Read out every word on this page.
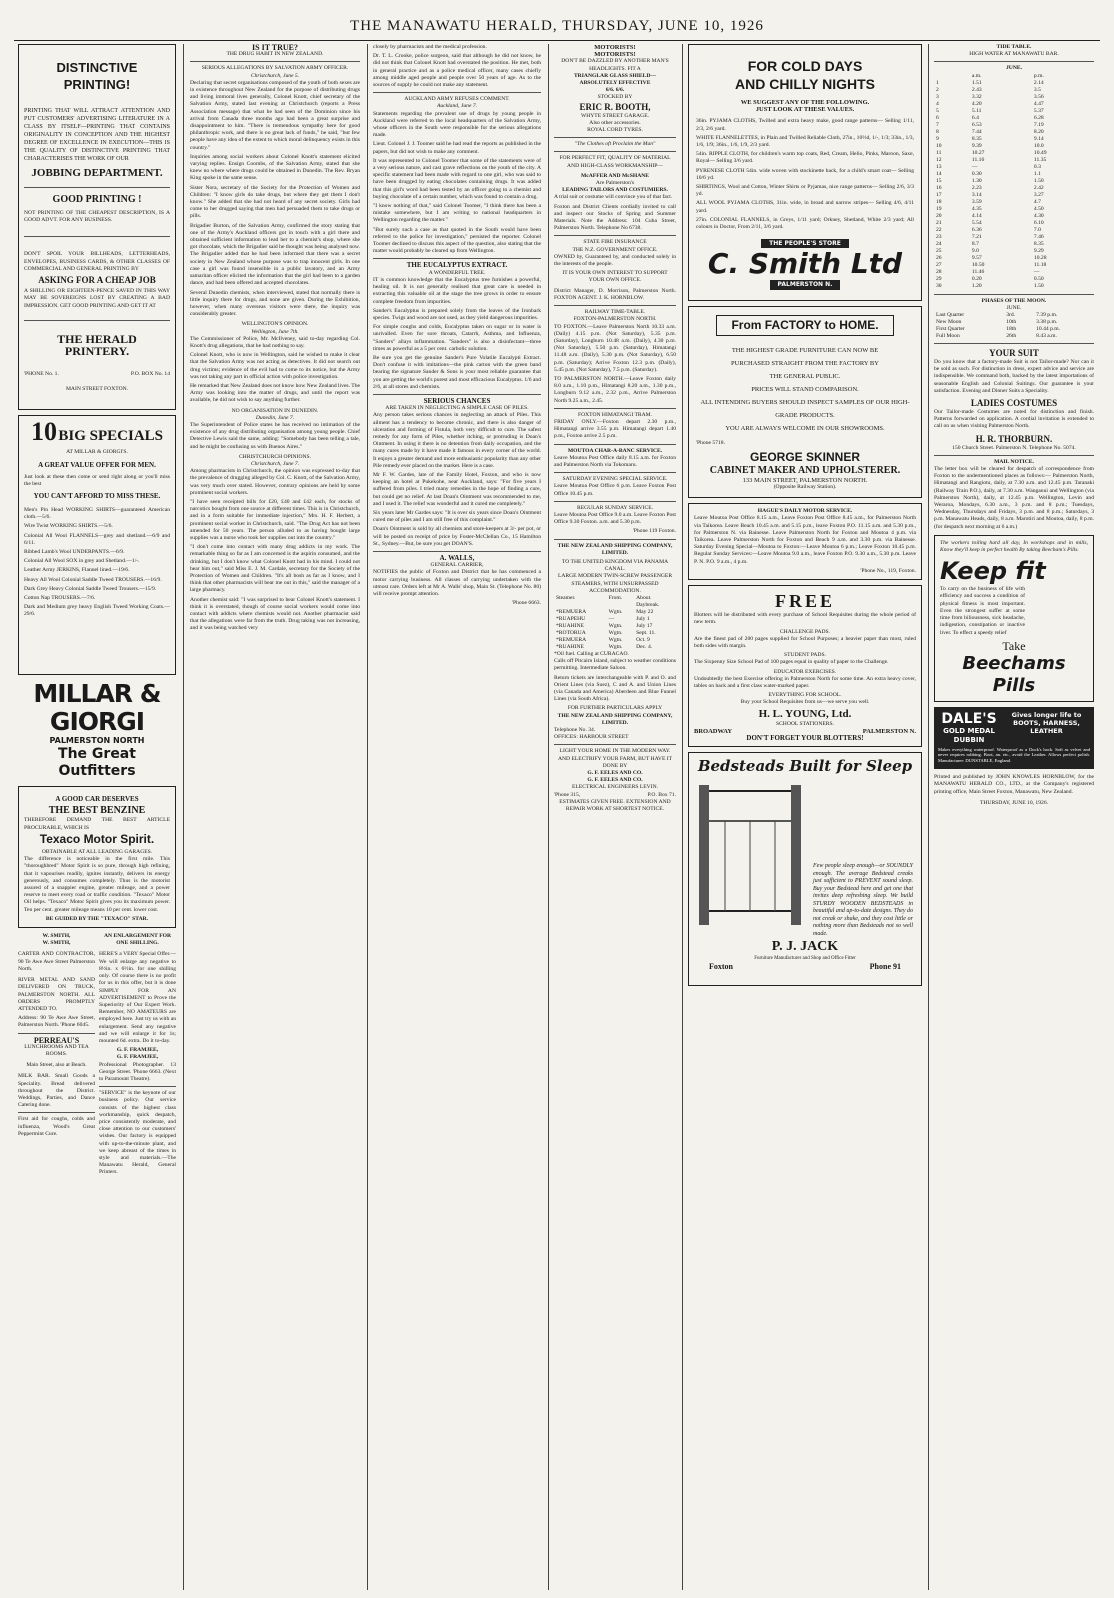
THE MANAWATU HERALD, THURSDAY, JUNE 10, 1926
DISTINCTIVE PRINTING!

PRINTING THAT WILL ATTRACT ATTENTION AND PUT CUSTOMERS' ADVERTISING LITERATURE IN A CLASS BY ITSELF—PRINTING THAT CONTAINS ORIGINALITY IN CONCEPTION AND THE HIGHEST DEGREE OF EXCELLENCE IN EXECUTION—THIS IS THE QUALITY OF DISTINCTIVE PRINTING THAT CHARACTERISES THE WORK OF OUR

JOBBING DEPARTMENT.
GOOD PRINTING !

NOT PRINTING OF THE CHEAPEST DESCRIPTION, IS A GOOD ADVT. FOR ANY BUSINESS.

DON'T SPOIL YOUR BILLHEADS, LETTERHEADS, ENVELOPES, BUSINESS CARDS, & OTHER CLASSES OF COMMERCIAL AND GENERAL PRINTING BY

ASKING FOR A CHEAP JOB

A SHILLING OR EIGHTEEN-PENCE SAVED IN THIS WAY MAY BE SOVEREIGNS LOST BY CREATING A BAD IMPRESSION. GET GOOD PRINTING AND GET IT AT

THE HERALD PRINTERY.
'PHONE No. 1.	P.O. BOX No. 14
MAIN STREET FOXTON.
10 BIG SPECIALS
AT MILLAR & GIORGI'S.
A GREAT VALUE OFFER FOR MEN.

Just look at these then come or send right along or you'll miss the best

YOU CAN'T AFFORD TO MISS THESE.

Men's Pin Head WORKING SHIRTS—guaranteed American cloth.—5/6.

Wire Twist WORKING SHIRTS.—5/6.

Colonial All Wool FLANNELS—grey and shetland.—6/9 and 6/11.

Ribbed Lamb's Wool UNDERPANTS.—6/9.

Colonial All Wool SOX in grey and Shetland.—1/-.

Leather Army JERKINS, Flannel lined.—19/6.

Heavy All Wool Colonial Saddle Tweed TROUSERS.—16/9.

Dark Grey Heavy Colonial Saddle Tweed Trousers.—15/9.

Cotton Nap TROUSERS.—7/6.

Dark and Medium grey heavy English Tweed Working Coats.—29/6.

MILLAR & GIORGI
PALMERSTON NORTH
The Great Outfitters
A GOOD CAR DESERVES
THE BEST BENZINE

THEREFORE DEMAND THE BEST ARTICLE PROCURABLE, WHICH IS

Texaco Motor Spirit.
OBTAINABLE AT ALL LEADING GARAGES.

The difference is noticeable in the first mile. This "thoroughbred" Motor Spirit is so pure, through high refining, that it vapourises readily, ignites instantly, delivers its energy generously, and consumes completely. Thus is the motorist assured of a snappier engine, greater mileage, and a power reserve to meet every road or traffic condition. "Texaco" Motor Oil helps. "Texaco" Motor Spirit gives you its maximum power. Ten per cent. greater mileage means 10 per cent. lower cost.

BE GUIDED BY THE "TEXACO" STAR.
W. SMITH,
W. SMITH,

CARTER AND CONTRACTOR, 90 Te Awe Awe Street Palmerston North.

RIVER METAL AND SAND DELIVERED ON TRUCK, PALMERSTON NORTH. ALL ORDERS PROMPTLY ATTENDED TO.

Address: 90 Te Awe Awe Street, Palmerston North. 'Phone 6045.

PERREAU'S
LUNCHROOMS AND TEA ROOMS.
Main Street, also at Beach.

MILK BAR. Small Goods a Speciality. Bread delivered throughout the District. Weddings, Parties, and Dance Catering done.

First aid for coughs, colds and influenza, Wood's Great Peppermint Cure.

AN ENLARGEMENT FOR ONE SHILLING.

HERE'S a VERY Special Offer.—We will enlarge any negative to 8½in. x 6½in. for one shilling only. Of course there is no profit for us in this offer, but it is done SIMPLY FOR AN ADVERTISEMENT to Prove the Superiority of Our Expert Work. Remember, NO AMATEURS are employed here. Just try us with an enlargement. Send any negative and we will enlarge it for 1s; mounted 6d. extra. Do it to-day.

G. F. FRAMJEE,
G. F. FRAMJEE,

Professional Photographer. 13 George Street. 'Phone 6663. (Next to Paramount Theatre).

"SERVICE" is the keynote of our business policy. Our service consists of the highest class workmanship, quick despatch, price consistently moderate, and close attention to our customers' wishes. Our factory is equipped with up-to-the-minute plant, and we keep abreast of the times in style and materials.—The Manawatu Herald, General Printers.

IS IT TRUE?
THE DRUG HABIT IN NEW ZEALAND.
SERIOUS ALLEGATIONS BY SALVATION ARMY OFFICER.
Christchurch, June 5.

Declaring that secret organisations composed of the youth of both sexes are in existence throughout New Zealand for the purpose of distributing drugs and living immoral lives generally, Colonel Knott, chief secretary of the Salvation Army, stated last evening at Christchurch (reports a Press Association message) that what he had seen of the Dominion since his arrival from Canada three months ago had been a great surprise and disappointment to him. "There is tremendous sympathy here for good philanthropic work, and there is no great lack of funds," he said, "but few people have any idea of the extent to which moral delinquency exists in this country."

Inquiries among social workers about Colonel Knott's statement elicited varying replies. Ensign Coombs, of the Salvation Army, stated that she knew no where where drugs could be obtained in Dunedin. The Rev. Bryan King spoke in the same sense.

Sister Nora, secretary of the Society for the Protection of Women and Children: "I know girls do take drugs, but where they get them I don't know." She added that she had not heard of any secret society. Girls had come to her drugged saying that men had persuaded them to take drugs or pills.

Brigadier Burton, of the Salvation Army, confirmed the story stating that one of the Army's Auckland officers got in touch with a girl there and obtained sufficient information to lead her to a chemist's shop, where she got chocolate, which the Brigadier said he thought was being analysed now. The Brigadier added that he had been informed that there was a secret society in New Zealand whose purpose was to trap innocent girls. In one case a girl was found insensible in a public lavatory, and an Army samaritan officer elicited the information that the girl had been to a garden dance, and had been offered and accepted chocolates.

Several Dunedin chemists, when interviewed, stated that normally there is little inquiry there for drugs, and none are given. During the Exhibition, however, when many overseas visitors were there, the inquiry was considerably greater.

WELLINGTON'S OPINION.
Wellington, June 7th.

The Commissioner of Police, Mr. McIlveney, said to-day regarding Col. Knott's drug allegations, that he had nothing to say.

Colonel Knott, who is now in Wellington, said he wished to make it clear that the Salvation Army was not acting as detectives. It did not search out drug victims; evidence of the evil had to come to its notice, but the Army was not taking any part in official action with police investigation.

He remarked that New Zealand does not know how New Zealand lives. The Army was looking into the matter of drugs, and until the report was available, he did not wish to say anything further.

NO ORGANISATION IN DUNEDIN.
Dunedin, June 7.

The Superintendent of Police states he has received no intimation of the existence of any drug distributing organisation among young people. Chief Detective Lewis said the same, adding: "Somebody has been telling a tale, and he might be confusing us with Buenos Aires."

CHRISTCHURCH OPINIONS.
Christchurch, June 7.

Among pharmacists in Christchurch, the opinion was expressed to-day that the prevalence of drugging alleged by Col. C. Knott, of the Salvation Army, was very much over stated. However, contrary opinions are held by some prominent social workers.

"I have seen receipted bills for £20, £40 and £42 each, for stocks of narcotics bought from one source at different times. This is in Christchurch, and in a form suitable for immediate injection," Mrs. H. F. Herbert, a prominent social worker in Christchurch, said. "The Drug Act has not been amended for 50 years. The person alluded to as having bought large supplies was a nurse who took her supplies out into the country."

"I don't come into contact with many drug addicts in my work. The remarkable thing so far as I am concerned is the aspirin consumed, and the drinking, but I don't know what Colonel Knott had in his mind. I could not hear him out," said Miss E. J. M. Cardale, secretary for the Society of the Protection of Women and Children. "It's all bosh as far as I know, and I think that other pharmacists will bear me out in this," said the manager of a large pharmacy.

Another chemist said: "I was surprised to hear Colonel Knott's statement. I think it is overstated, though of course social workers would come into contact with addicts where chemists would not. Another pharmacist said that the allegations were far from the truth. Drug taking was not increasing, and it was being watched very

closely by pharmacists and the medical profession.

Dr. T. L. Crooke, police surgeon, said that although he did not know, he did not think that Colonel Knott had overstated the position. He met, both in general practice and as a police medical officer, many cases chiefly among middle aged people and people over 50 years of age. As to the sources of supply he could not make any statement.

AUCKLAND ARMY REFUSES COMMENT.
Auckland, June 7.

Statements regarding the prevalent use of drugs by young people in Auckland were referred to the local headquarters of the Salvation Army, whose officers in the South were responsible for the serious allegations made.

Lieut. Colonel J. J. Toomer said he had read the reports as published in the papers, but did not wish to make any comment.

It was represented to Colonel Toomer that some of the statements were of a very serious nature, and cast grave reflections on the youth of the city. A specific statement had been made with regard to one girl, who was said to have been drugged by eating chocolates containing drugs. It was added that this girl's word had been tested by an officer going to a chemist and buying chocolate of a certain number, which was found to contain a drug.

"I know nothing of that," said Colonel Toomer, "I think there has been a mistake somewhere, but I am writing to national headquarters in Wellington regarding the matter."

"But surely such a case as that quoted in the South would have been referred to the police for investigation," persisted the reporter. Colonel Toomer declined to discuss this aspect of the question, also stating that the matter would probably be cleared up from Wellington.

THE EUCALYPTUS EXTRACT.
A WONDERFUL TREE.

IT is common knowledge that the Eucalyptus tree furnishes a powerful, healing oil. It is not generally realised that great care is needed in extracting this valuable oil at the stage the tree grows in order to ensure complete freedom from impurities.

Sander's Eucalyptus is prepared solely from the leaves of the Ironbark species. Twigs and wood are not used, as they yield dangerous impurities.

For simple coughs and colds, Eucalyptus taken on sugar or in water is unrivalled. Even for sore throats, Catarrh, Asthma, and Influenza, "Sanders" allays inflammation. "Sanders" is also a disinfectant—three times as powerful as a 5 per cent. carbolic solution.

Be sure you get the genuine Sander's Pure Volatile Eucalypti Extract. Don't confuse it with imitations—the pink carton with the green band bearing the signature Sander & Sons is your most reliable guarantee that you are getting the world's purest and most efficacious Eucalyptus. 1/6 and 2/6, at all stores and chemists.

SERIOUS CHANCES
ARE TAKEN IN NEGLECTING A SIMPLE CASE OF PILES.

Any person takes serious chances in neglecting an attack of Piles. This ailment has a tendency to become chronic, and there is also danger of ulceration and forming of Fistula, both very difficult to cure. The safest remedy for any form of Piles, whether itching, or protruding is Doan's Ointment. In using it there is no detention from daily occupation, and the many cures made by it have made it famous in every corner of the world. It enjoys a greater demand and more enthusiastic popularity than any other Pile remedy ever placed on the market. Here is a case.

Mr F. W. Gardes, late of the Family Hotel, Foxton, and who is now keeping an hotel at Pukekohe, near Auckland, says: "For five years I suffered from piles. I tried many remedies in the hope of finding a cure, but could get no relief. At last Doan's Ointment was recommended to me, and I used it. The relief was wonderful and it cured me completely."

Six years later Mr Gardes says: "It is over six years since Doan's Ointment cured me of piles and I am still free of this complaint."

Doan's Ointment is sold by all chemists and store-keepers at 3/- per pot, or will be posted on receipt of price by Foster-McClellan Co., 15 Hamilton St., Sydney.—But, be sure you get DOAN'S.

A. WALLS,
GENERAL CARRIER,

NOTIFIES the public of Foxton and District that he has commenced a motor carrying business. All classes of carrying undertaken with the utmost care. Orders left at Mr A. Walls' shop, Main St. (Telephone No. 80) will receive prompt attention.

'Phone 6663.
MOTORISTS!
MOTORISTS!
DON'T BE DAZZLED BY ANOTHER MAN'S HEADLIGHTS. FIT A
TRIANGLAR GLASS SHIELD—
ABSOLUTELY EFFECTIVE
6/6. 6/6.
STOCKED BY
ERIC R. BOOTH,
WHYTE STREET GARAGE.
Also other accessories.
ROYAL CORD TYRES.
"The Clothes oft Proclaim the Man"
FOR PERFECT FIT, QUALITY OF MATERIAL AND HIGH-CLASS WORKMANSHIP—
McAFFER AND McSHANE
Are Palmerston's
LEADING TAILORS AND COSTUMIERS.

A trial suit or costume will convince you of that fact.

Foxton and District Clients cordially invited to call and inspect our Stocks of Spring and Summer Materials. Note the Address: 104 Cuba Street, Palmerston North. Telephone No 6738.

STATE FIRE INSURANCE
THE N.Z. GOVERNMENT OFFICE.

OWNED by, Guaranteed by, and conducted solely in the interests of the people.

IT IS YOUR OWN INTEREST TO SUPPORT YOUR OWN OFFICE.

District Manager, D. Morrison, Palmerston North. FOXTON AGENT. J. K. HORNBLOW.

RAILWAY TIME-TABLE.
FOXTON-PALMERSTON NORTH.

TO FOXTON.—Leave Palmerston North 10.33 a.m. (Daily) 4.15 p.m. (Not Saturday), 5.35 p.m. (Saturday), Longburn 10.48 a.m. (Daily), 4.30 p.m. (Not Saturday), 5.50 p.m. (Saturday), Himatangi 11.48 a.m. (Daily), 5.30 p.m. (Not Saturday), 6.50 p.m. (Saturday); Arrive Foxton 12.3 p.m. (Daily), 5.45 p.m. (Not Saturday), 7.5 p.m. (Saturday).

TO PALMERSTON NORTH.—Leave Foxton daily 8.0 a.m., 1.10 p.m., Himatangi 8.20 a.m., 1.30 p.m., Longburn 9.12 a.m., 2.32 p.m., Arrive Palmerston North 9.25 a.m., 2.45.

FOXTON HIMATANGI TRAM.

FRIDAY ONLY.—Foxton depart 2.30 p.m., Himatangi arrive 3.55 p.m. Himatangi depart 1.40 p.m., Foxton arrive 2.5 p.m.

MOUTOA CHAR-A-BANC SERVICE.

Leave Moutoa Post Office daily 8.15 a.m. for Foxton and Palmerston North via Tokomaru.

SATURDAY EVENING SPECIAL SERVICE.

Leave Moutoa Post Office 6 p.m. Leave Foxton Post Office 10.45 p.m.

REGULAR SUNDAY SERVICE.

Leave Moutoa Post Office 9.0 a.m. Leave Foxton Post Office 9.30 Foxton. a.m. and 5.30 p.m.

'Phone 119 Foxton.
THE NEW ZEALAND SHIPPING COMPANY, LIMITED.
TO THE UNITED KINGDOM VIA PANAMA CANAL.
LARGE MODERN TWIN-SCREW PASSENGER STEAMERS, WITH UNSURPASSED ACCOMMODATION.
Steamer.	From.	About.
		Daybreak.
*REMUERA	Wgtn.	May 22
*RUAPEHU	—	July 1
*RUAHINE	Wgtn.	July 17
*ROTORUA	Wgtn.	Sept. 11.
*REMUERA	Wgtn.	Oct. 9
*RUAHINE	Wgtn.	Dec. 4.
*Oil fuel. Calling at CURACAO.

Calls off Pitcairn Island, subject to weather conditions permitting. Intermediate Saloon.

Return tickets are interchangeable with P. and O. and Orient Lines (via Suez), C and A. and Union Lines (via Canada and America) Aberdeen and Blue Funnel Lines (via South Africa).

FOR FURTHER PARTICULARS APPLY
THE NEW ZEALAND SHIPPING COMPANY, LIMITED.
Telephone No. 34.
OFFICES: HARBOUR STREET
LIGHT YOUR HOME IN THE MODERN WAY.
AND ELECTRIFY YOUR FARM, BUT HAVE IT DONE BY
G. F. EELES AND CO.
G. F. EELES AND CO.
ELECTRICAL ENGINEERS LEVIN.
'Phone 315,	P.O. Box 71.
ESTIMATES GIVEN FREE. EXTENSION AND REPAIR WORK AT SHORTEST NOTICE.
FOR COLD DAYS
AND CHILLY NIGHTS
WE SUGGEST ANY OF THE FOLLOWING.
JUST LOOK AT THESE VALUES.

36in. PYJAMA CLOTHS, Twilled and extra heavy make, good range patterns— Selling 1/11, 2/3, 2/6 yard.

WHITE FLANNELETTES, in Plain and Twilled Reliable Cloth, 27in., 10½d, 1/-, 1/3; 33in., 1/3, 1/6, 1/9; 36in., 1/6, 1/9, 2/3 yard.

54in. RIPPLE CLOTH, for children's warm top coats, Red, Cream, Helio, Pinks, Maroon, Saxe, Royal— Selling 3/6 yard.

PYRENESE CLOTH 54in. wide woven with stockinette back, for a child's smart coat— Selling 10/6 yd.

SHIRTINGS, Wool and Cotton, Winter Shirts or Pyjamas, nice range patterns— Selling 2/6, 3/3 yd.

ALL WOOL PYJAMA CLOTHS, 31in. wide, in broad and narrow stripes— Selling 4/6, 4/11 yard.

27in. COLONIAL FLANNELS, in Greys, 1/11 yard; Orkney, Shetland, White 2/3 yard; All colours in Doctor, From 2/11, 3/6 yard.

THE PEOPLE'S STORE
C. Smith Ltd
PALMERSTON N.
From FACTORY to HOME.
THE HIGHEST GRADE FURNITURE CAN NOW BE
PURCHASED STRAIGHT FROM THE FACTORY BY
THE GENERAL PUBLIC.
PRICES WILL STAND COMPARISON.
ALL INTENDING BUYERS SHOULD INSPECT SAMPLES OF OUR HIGH-GRADE PRODUCTS.
YOU ARE ALWAYS WELCOME IN OUR SHOWROOMS.
'Phone 5718.
GEORGE SKINNER
CABINET MAKER AND UPHOLSTERER.
133 MAIN STREET, PALMERSTON NORTH.
(Opposite Railway Station).
HAGUE'S DAILY MOTOR SERVICE.

Leave Moutoa Post Office 8.15 a.m., Leave Foxton Post Office 8.45 a.m., for Palmerston North via Taikorea. Leave Beach 10.45 a.m. and 5.15 p.m., leave Foxton P.O. 11.15 a.m. and 5.30 p.m., for Palmerston N. via Bainesse. Leave Palmerston North for Foxton and Moutoa 4 p.m. via Taikorea. Leave Palmerston North for Foxton and Beach 9 a.m. and 3.30 p.m. via Bainesse. Saturday Evening Special—Moutoa to Foxton:—Leave Moutoa 6 p.m.; Leave Foxton 10.45 p.m. Regular Sunday Services:—Leave Moutoa 9.0 a.m., leave Foxton P.O. 9.30 a.m., 5.30 p.m. Leave P. N. P.O. 9 a.m., 4 p.m.

'Phone No., 119, Foxton.
FREE

Blotters will be distributed with every purchase of School Requisites during the whole period of new term.

CHALLENGE PADS.

Are the finest pad of 200 pages supplied for School Purposes; a heavier paper than most, ruled both sides with margin.

STUDENT PADS.

The Sixpenny Size School Pad of 100 pages equal in quality of paper to the Challenge.

EDUCATOR EXERCISES.

Undoubtedly the best Exercise offering in Palmerston North for some time. An extra heavy cover, tables on back and a first class water-marked paper.

EVERYTHING FOR SCHOOL.
Buy your School Requisites from us—we serve you well.
H. L. YOUNG, Ltd.
SCHOOL STATIONERS.
BROADWAY	PALMERSTON N.
DON'T FORGET YOUR BLOTTERS!
Bedsteads Built for Sleep

Few people sleep enough—or SOUNDLY enough. The average Bedstead creaks just sufficient to PREVENT sound sleep. Buy your Bedstead here and get one that invites deep refreshing sleep. We build STURDY WOODEN BEDSTEADS in beautiful and up-to-date designs. They do not creak or shake, and they cost little or nothing more than Bedsteads not so well made.

P. J. JACK
Furniture Manufacturer and Shop and Office Fitter
Foxton	Phone 91
TIDE TABLE.
HIGH WATER AT MANAWATU BAR.
JUNE.
	a.m.	p.m.
1	1.51	2.14
2	2.43	3.5
3	3.32	3.56
4	4.20	4.47
5	5.11	5.37
6	6.4	6.28
7	6.53	7.19
8	7.44	8.20
9	8.35	9.14
10	9.39	10.0
11	10.27	10.49
12	11.16	11.35
13	—	0.3
14	0.30	1.1
15	1.30	1.50
16	2.23	2.42
17	3.14	3.27
18	3.59	4.7
19	4.35	4.50
20	4.14	4.30
21	5.54	6.10
22	6.36	7.0
23	7.21	7.46
24	8.7	8.35
25	9.0	9.29
26	9.57	10.28
27	10.50	11.18
28	11.46	—
29	0.20	0.50
30	1.20	1.50
PHASES OF THE MOON.
JUNE.
Last Quarter	3rd.	7.39 p.m.
New Moon	10th	3.38 p.m.
First Quarter	18th	10.44 p.m.
Full Moon	26th	8.43 a.m.
YOUR SUIT

Do you know that a factory-made Suit is not Tailor-made? Nor can it be sold as such. For distinction in dress, expert advice and service are indispensible. We command both, backed by the latest importations of seasonable English and Colonial Suitings. Our guarantee is your satisfaction. Evening and Dinner Suits a Speciality.

LADIES COSTUMES

Our Tailor-made Costumes are noted for distinction and finish. Patterns forwarded on application. A cordial invitation is extended to call on us when visiting Palmerston North.

H. R. THORBURN.
150 Church Street. Palmerston N. Telephone No. 5074.
MAIL NOTICE.

The letter box will be cleared for despatch of correspondence from Foxton to the undermentioned places as follows:— Palmerston North, Himatangi and Rangiotu, daily, at 7.30 a.m. and 12.45 p.m. Taranaki (Railway Train P.O.), daily, at 7.30 a.m. Wanganui and Wellington (via Palmerston North), daily, at 12.45 p.m. Wellington, Levin and Weraroa, Mondays, 6.30 a.m., 3 p.m. and 8 p.m.; Tuesdays, Wednesday, Thursdays and Fridays, 3 p.m. and 8 p.m.; Saturdays, 3 p.m. Manawatu Heads, daily, 8 a.m. Marotiri and Moutoa, daily, 8 p.m. (for despatch next morning at 6 a.m.)

The workers toiling hard all day, In workshops and in mills, Know they'll keep in perfect health By taking Beecham's Pills.

Keep fit

To carry on the business of life with efficiency and success a condition of physical fitness is most important. Even the strongest suffer at some time from biliousness, sick headache, indigestion, constipation or inactive liver. To effect a speedy relief

Take
Beechams Pills
DALE'S
GOLD MEDAL DUBBIN
Gives longer life to BOOTS, HARNESS, LEATHER

Makes everything waterproof. Waterproof as a Duck's back. Soft as velvet and never requires rubbing. Boot, an. etc., avoid the Leather. Allows perfect polish. Manufacturer: DUNSTABLE, England.

Printed and published by JOHN KNOWLES HORNBLOW, for the MANAWATU HERALD CO., LTD., at the Company's registered printing office, Main Street Foxton, Manawatu, New Zealand.

THURSDAY, JUNE 10, 1926.
